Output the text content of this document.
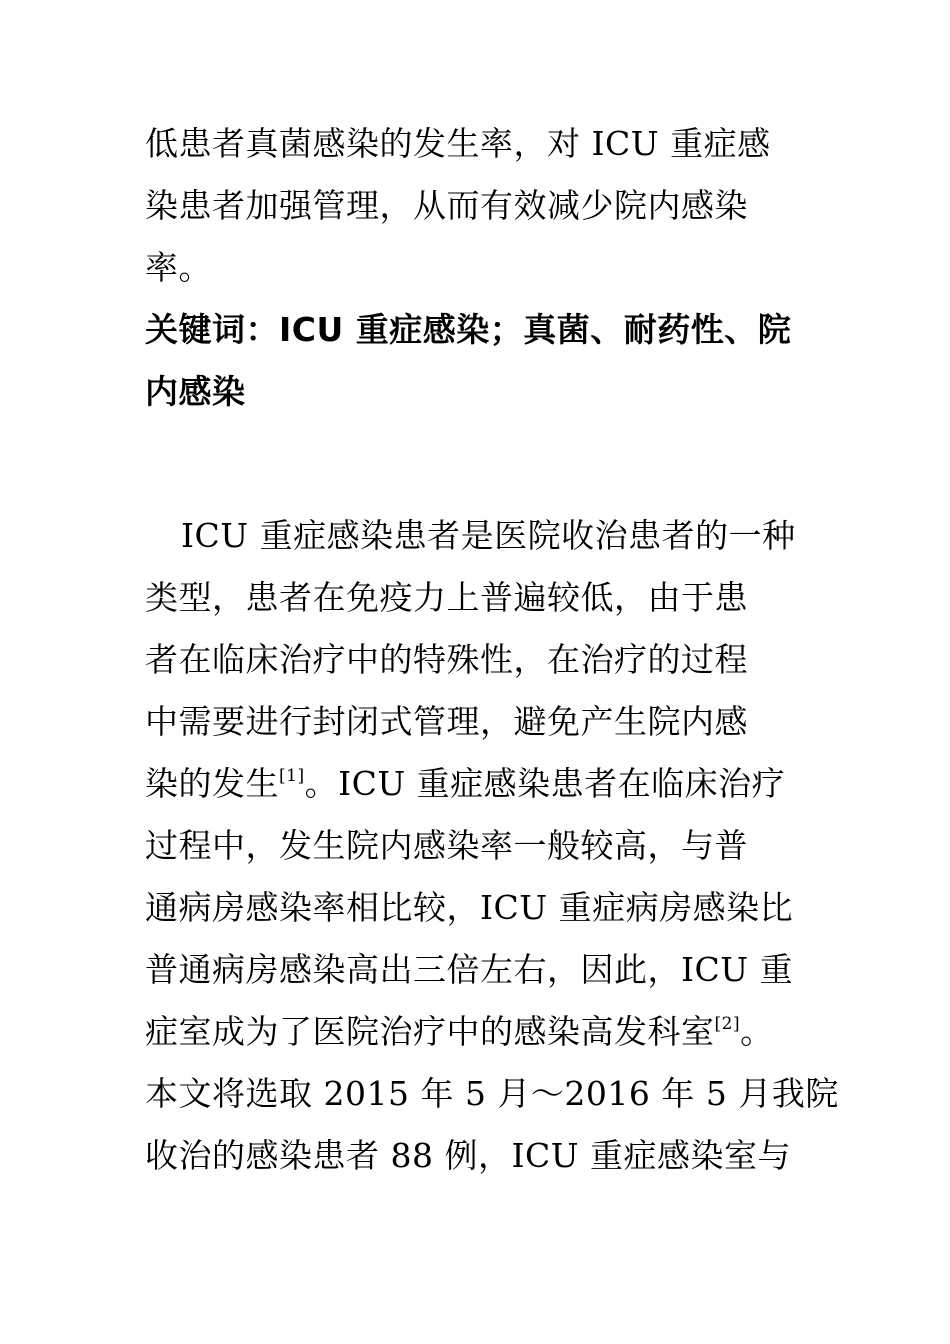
低患者真菌感染的发生率，对 ICU 重症感
染患者加强管理，从而有效减少院内感染
率。
关键词：ICU 重症感染；真菌、耐药性、院
内感染
ICU 重症感染患者是医院收治患者的一种
类型，患者在免疫力上普遍较低，由于患
者在临床治疗中的特殊性，在治疗的过程
中需要进行封闭式管理，避免产生院内感
染的发生[1]。ICU 重症感染患者在临床治疗
过程中，发生院内感染率一般较高，与普
通病房感染率相比较，ICU 重症病房感染比
普通病房感染高出三倍左右，因此，ICU 重
症室成为了医院治疗中的感染高发科室[2]。
本文将选取 2015 年 5 月～2016 年 5 月我院
收治的感染患者 88 例，ICU 重症感染室与
